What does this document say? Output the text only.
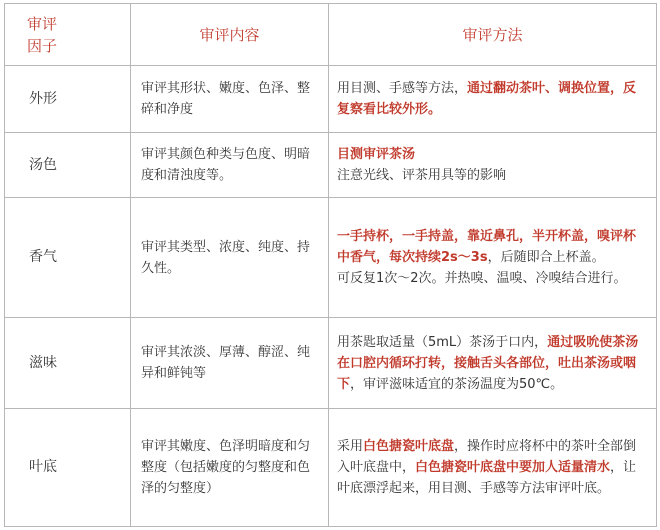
审评
因子	审评内容	审评方法
外形	审评其形状、嫩度、色泽、整碎和净度	用目测、手感等方法，通过翻动茶叶、调换位置，反复察看比较外形。
汤色	审评其颜色种类与色度、明暗度和清浊度等。	目测审评茶汤
注意光线、评茶用具等的影响

香气	审评其类型、浓度、纯度、持久性。	一手持杯，一手持盖，靠近鼻孔，半开杯盖，嗅评杯中香气，每次持续2s～3s，后随即合上杯盖。
可反复1次～2次。并热嗅、温嗅、冷嗅结合进行。

滋味	审评其浓淡、厚薄、醇涩、纯异和鲜钝等	用茶匙取适量（5mL）茶汤于口内，通过吸吮使茶汤在口腔内循环打转，接触舌头各部位，吐出茶汤或咽下，审评滋味适宜的茶汤温度为50℃。
叶底	审评其嫩度、色泽明暗度和匀整度（包括嫩度的匀整度和色泽的匀整度）	采用白色搪瓷叶底盘，操作时应将杯中的茶叶全部倒入叶底盘中，白色搪瓷叶底盘中要加人适量清水，让叶底漂浮起来，用目测、手感等方法审评叶底。
